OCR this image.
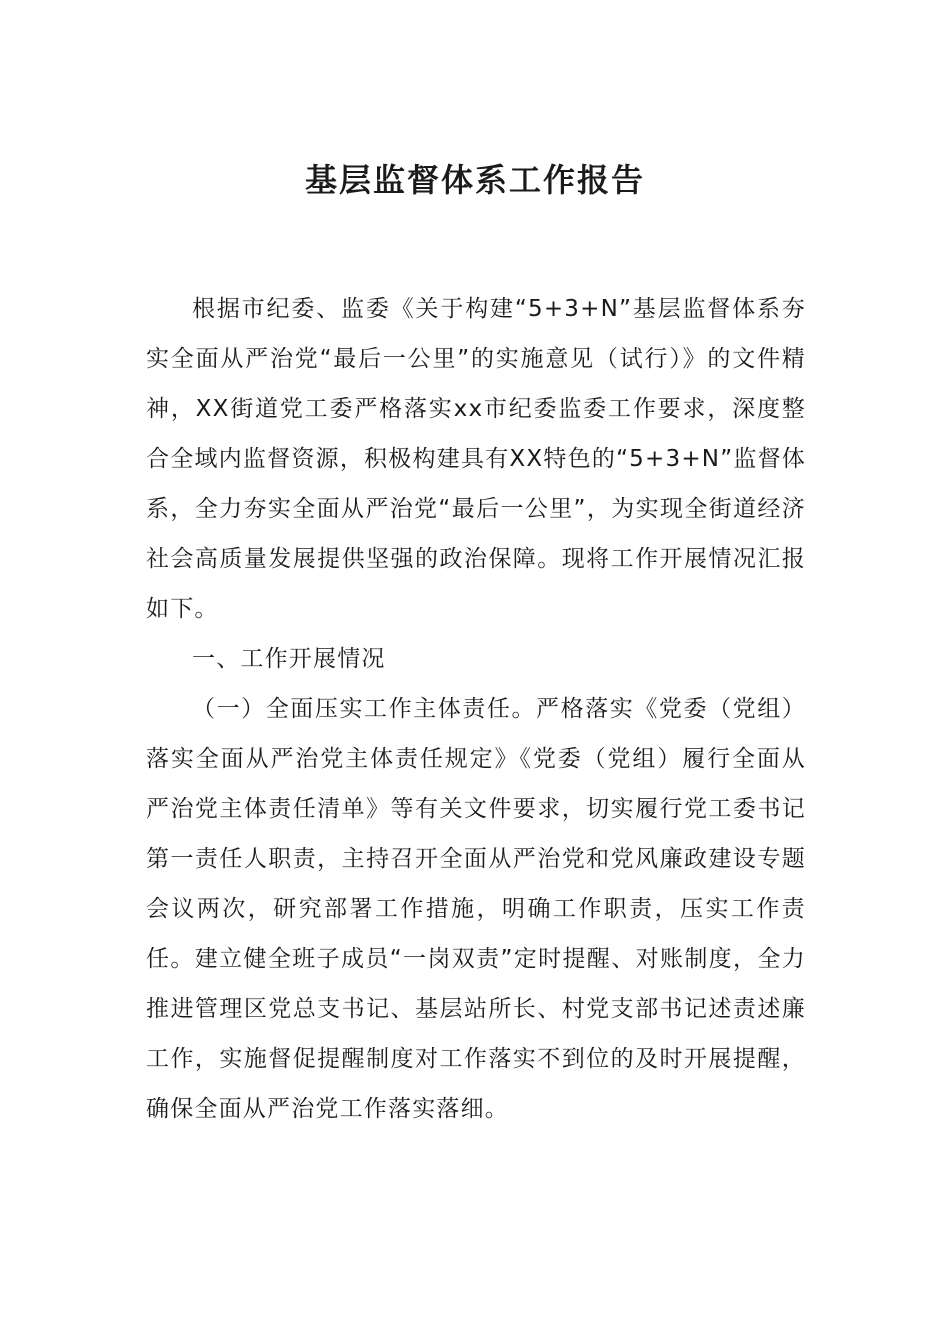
基层监督体系工作报告

根据市纪委、监委《关于构建“5+3+N”基层监督体系夯实全面从严治党“最后一公里”的实施意见（试行）》的文件精神，XX街道党工委严格落实xx市纪委监委工作要求，深度整合全域内监督资源，积极构建具有XX特色的“5+3+N”监督体系，全力夯实全面从严治党“最后一公里”，为实现全街道经济社会高质量发展提供坚强的政治保障。现将工作开展情况汇报如下。

一、工作开展情况

（一）全面压实工作主体责任。严格落实《党委（党组）落实全面从严治党主体责任规定》《党委（党组）履行全面从严治党主体责任清单》等有关文件要求，切实履行党工委书记第一责任人职责，主持召开全面从严治党和党风廉政建设专题会议两次，研究部署工作措施，明确工作职责，压实工作责任。建立健全班子成员“一岗双责”定时提醒、对账制度，全力推进管理区党总支书记、基层站所长、村党支部书记述责述廉工作，实施督促提醒制度对工作落实不到位的及时开展提醒，确保全面从严治党工作落实落细。
